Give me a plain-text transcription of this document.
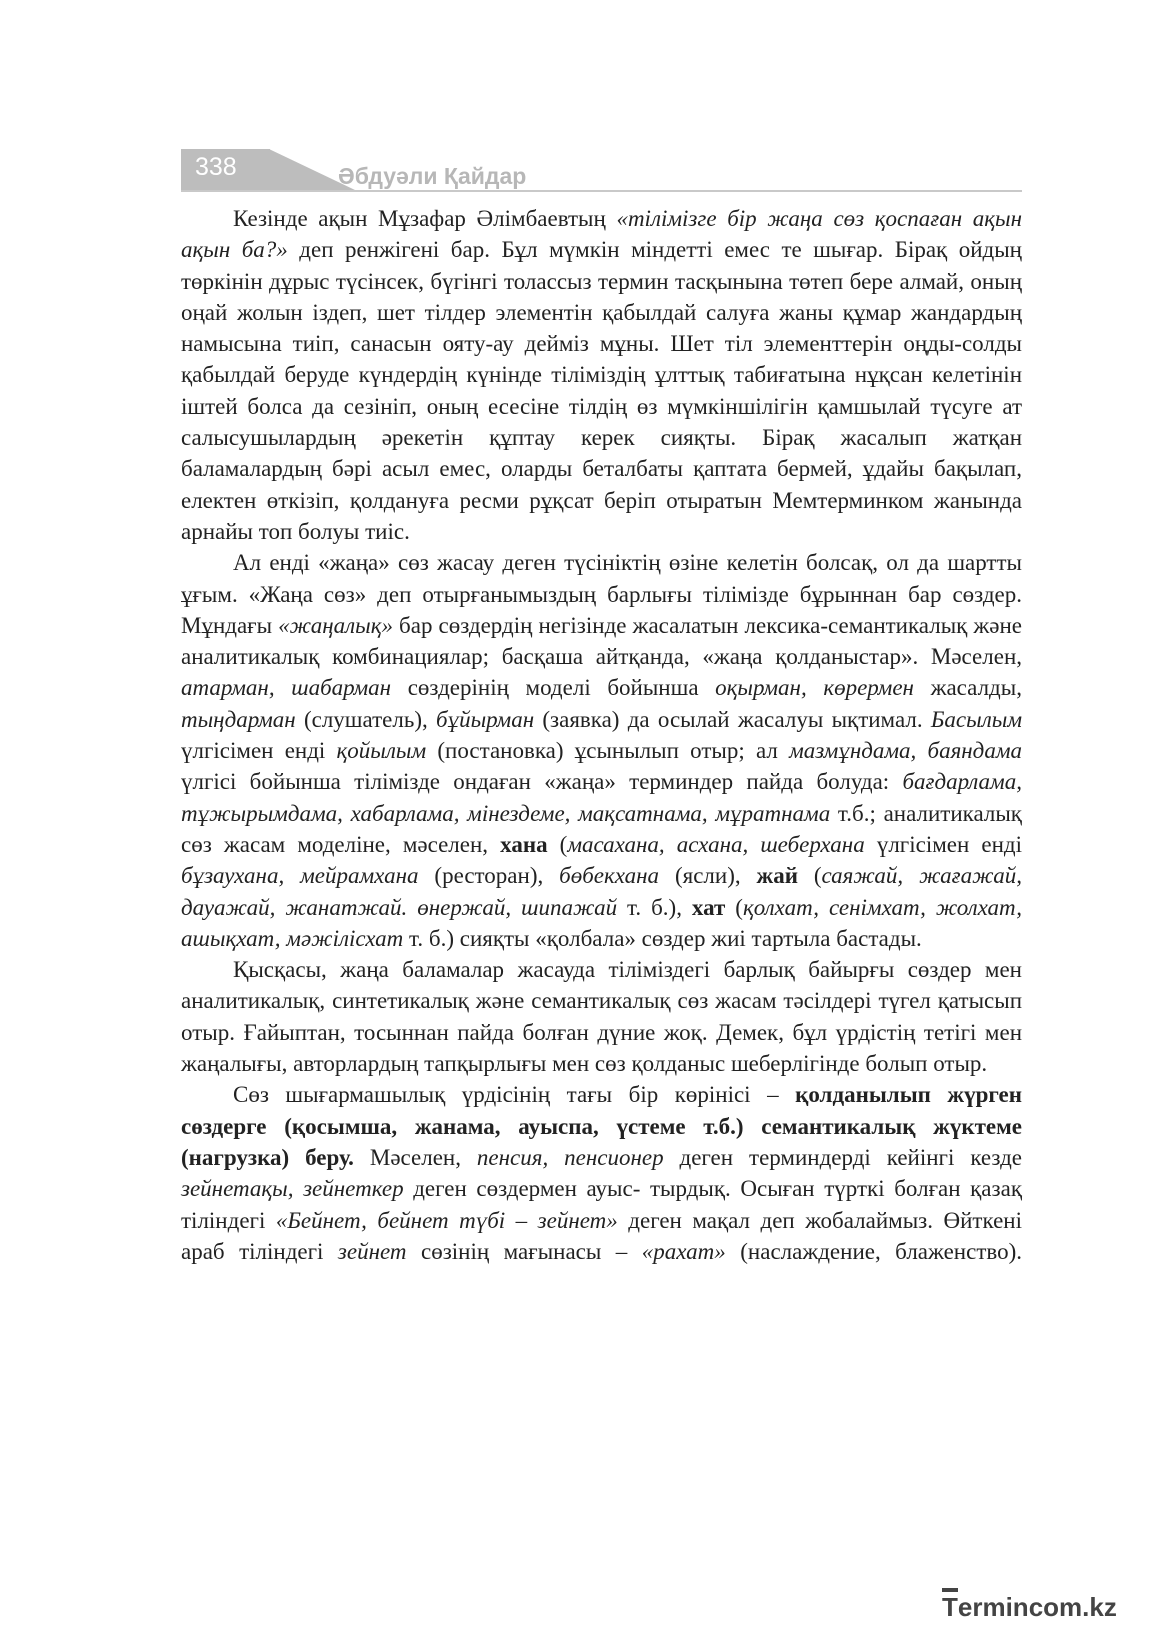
338	Әбдуәли Қайдар

Кезінде ақын Мұзафар Әлімбаевтың «тілімізге бір жаңа сөз қоспаған ақын ақын ба?» деп ренжігені бар. Бұл мүмкін міндетті емес те шығар. Бірақ ойдың төркінін дұрыс түсінсек, бүгінгі толассыз термин тасқынына төтеп бере алмай, оның оңай жолын іздеп, шет тілдер элементін қабылдай салуға жаны құмар жандардың намысына тиіп, санасын ояту-ау дейміз мұны. Шет тіл элементтерін оңды-солды қабылдай беруде күндердің күнінде тіліміздің ұлттық табиғатына нұқсан келетінін іштей болса да сезініп, оның есесіне тілдің өз мүмкіншілігін қамшылай түсуге ат салысушылардың әрекетін құптау керек сияқты. Бірақ жасалып жатқан баламалардың бәрі асыл емес, оларды беталбаты қаптата бермей, ұдайы бақылап, електен өткізіп, қолдануға ресми рұқсат беріп отыратын Мемтерминком жанында арнайы топ болуы тиіс.

Ал енді «жаңа» сөз жасау деген түсініктің өзіне келетін болсақ, ол да шартты ұғым. «Жаңа сөз» деп отырғанымыздың барлығы тілімізде бұрыннан бар сөздер. Мұндағы «жаңалық» бар сөздердің негізінде жасалатын лексика-семантикалық және аналитикалық комбинациялар; басқаша айтқанда, «жаңа қолданыстар». Мәселен, атарман, шабарман сөздерінің моделі бойынша оқырман, көрермен жасалды, тыңдарман (слушатель), бұйырман (заявка) да осылай жасалуы ықтимал. Басылым үлгісімен енді қойылым (постановка) ұсынылып отыр; ал мазмұндама, баяндама үлгісі бойынша тілімізде ондаған «жаңа» терминдер пайда болуда: бағдарлама, тұжырымдама, хабарлама, мінездеме, мақсатнама, мұратнама т.б.; аналитикалық сөз жасам моделіне, мәселен, хана (масахана, асхана, шеберхана үлгісімен енді бұзаухана, мейрамхана (ресторан), бөбекхана (ясли), жай (саяжай, жағажай, дауажай, жанатжай. өнержай, шипажай т. б.), хат (қолхат, сенімхат, жолхат, ашықхат, мәжілісхат т. б.) сияқты «қолбала» сөздер жиі тартыла бастады.

Қысқасы, жаңа баламалар жасауда тіліміздегі барлық байырғы сөздер мен аналитикалық, синтетикалық және семантикалық сөз жасам тәсілдері түгел қатысып отыр. Ғайыптан, тосыннан пайда болған дүние жоқ. Демек, бұл үрдістің тетігі мен жаңалығы, авторлардың тапқырлығы мен сөз қолданыс шеберлігінде болып отыр.

Сөз шығармашылық үрдісінің тағы бір көрінісі – қолданылып жүрген сөздерге (қосымша, жанама, ауыспа, үстеме т.б.) семантикалық жүктеме (нагрузка) беру. Мәселен, пенсия, пенсионер деген терминдерді кейінгі кезде зейнетақы, зейнеткер деген сөздермен ауыс- тырдық. Осыған түрткі болған қазақ тіліндегі «Бейнет, бейнет түбі – зейнет» деген мақал деп жобалаймыз. Өйткені араб тіліндегі зейнет сөзінің мағынасы – «рахат» (наслаждение, блаженство).

Termincоm.kz
